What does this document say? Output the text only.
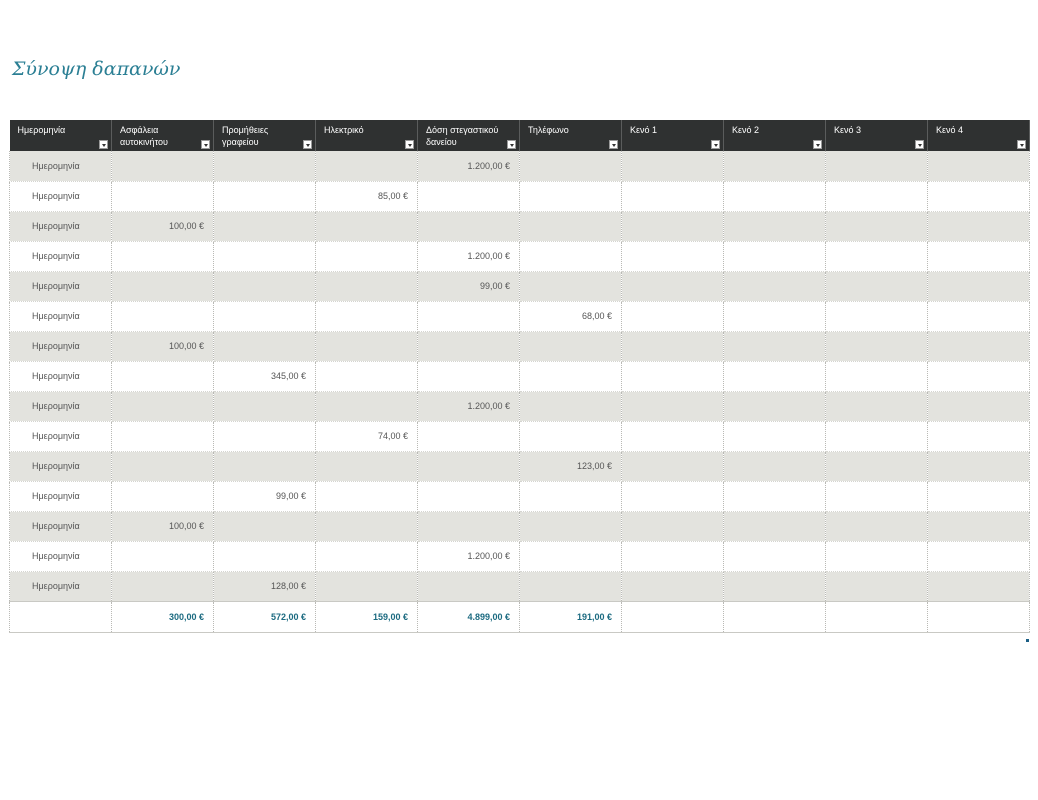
Σύνοψη δαπανών
Ημερομηνία	Ασφάλεια αυτοκινήτου	Προμήθειες γραφείου	Ηλεκτρικό	Δόση στεγαστικού δανείου	Τηλέφωνο	Κενό 1	Κενό 2	Κενό 3	Κενό 4

Ημερομηνία				1.200,00 €					
Ημερομηνία			85,00 €						
Ημερομηνία	100,00 €								
Ημερομηνία				1.200,00 €					
Ημερομηνία				99,00 €					
Ημερομηνία					68,00 €				
Ημερομηνία	100,00 €								
Ημερομηνία		345,00 €							
Ημερομηνία				1.200,00 €					
Ημερομηνία			74,00 €						
Ημερομηνία					123,00 €				
Ημερομηνία		99,00 €							
Ημερομηνία	100,00 €								
Ημερομηνία				1.200,00 €					
Ημερομηνία		128,00 €							
	300,00 €	572,00 €	159,00 €	4.899,00 €	191,00 €				
